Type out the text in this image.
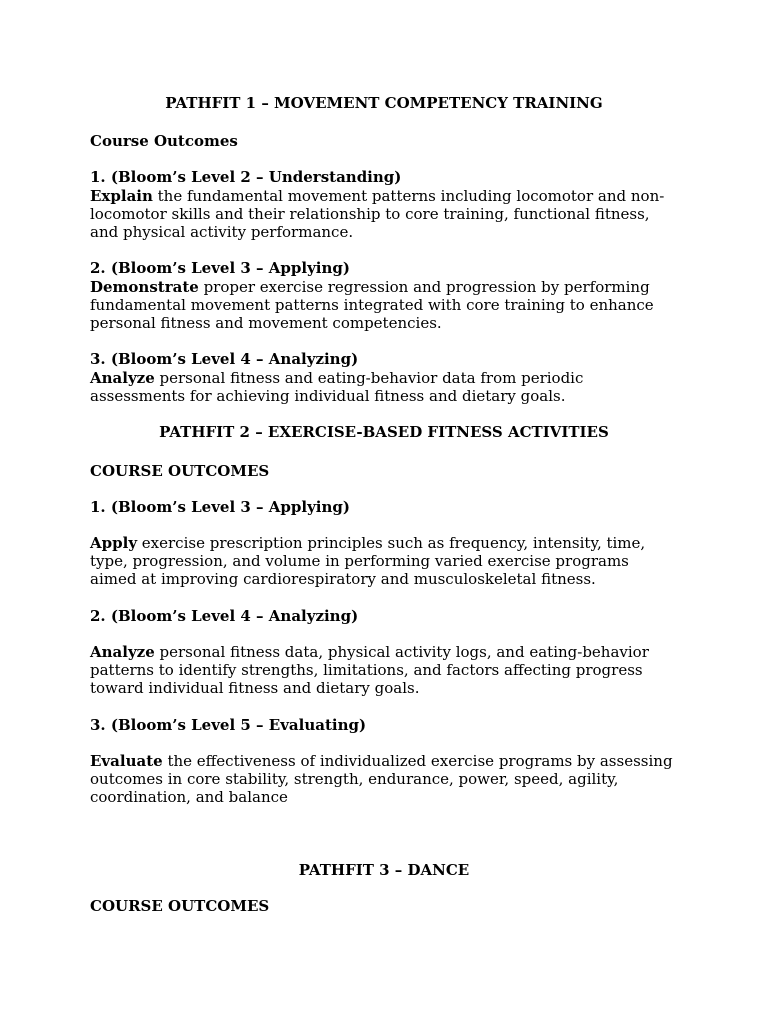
PATHFIT 1 – MOVEMENT COMPETENCY TRAINING

Course Outcomes

1. (Bloom’s Level 2 – Understanding)

Explain the fundamental movement patterns including locomotor and non-
locomotor skills and their relationship to core training, functional fitness,
and physical activity performance.

2. (Bloom’s Level 3 – Applying)

Demonstrate proper exercise regression and progression by performing
fundamental movement patterns integrated with core training to enhance
personal fitness and movement competencies.

3. (Bloom’s Level 4 – Analyzing)

Analyze personal fitness and eating-behavior data from periodic
assessments for achieving individual fitness and dietary goals.

PATHFIT 2 – EXERCISE-BASED FITNESS ACTIVITIES

COURSE OUTCOMES

1. (Bloom’s Level 3 – Applying)

Apply exercise prescription principles such as frequency, intensity, time,
type, progression, and volume in performing varied exercise programs
aimed at improving cardiorespiratory and musculoskeletal fitness.

2. (Bloom’s Level 4 – Analyzing)

Analyze personal fitness data, physical activity logs, and eating-behavior
patterns to identify strengths, limitations, and factors affecting progress
toward individual fitness and dietary goals.

3. (Bloom’s Level 5 – Evaluating)

Evaluate the effectiveness of individualized exercise programs by assessing
outcomes in core stability, strength, endurance, power, speed, agility,
coordination, and balance

PATHFIT 3 – DANCE

COURSE OUTCOMES
